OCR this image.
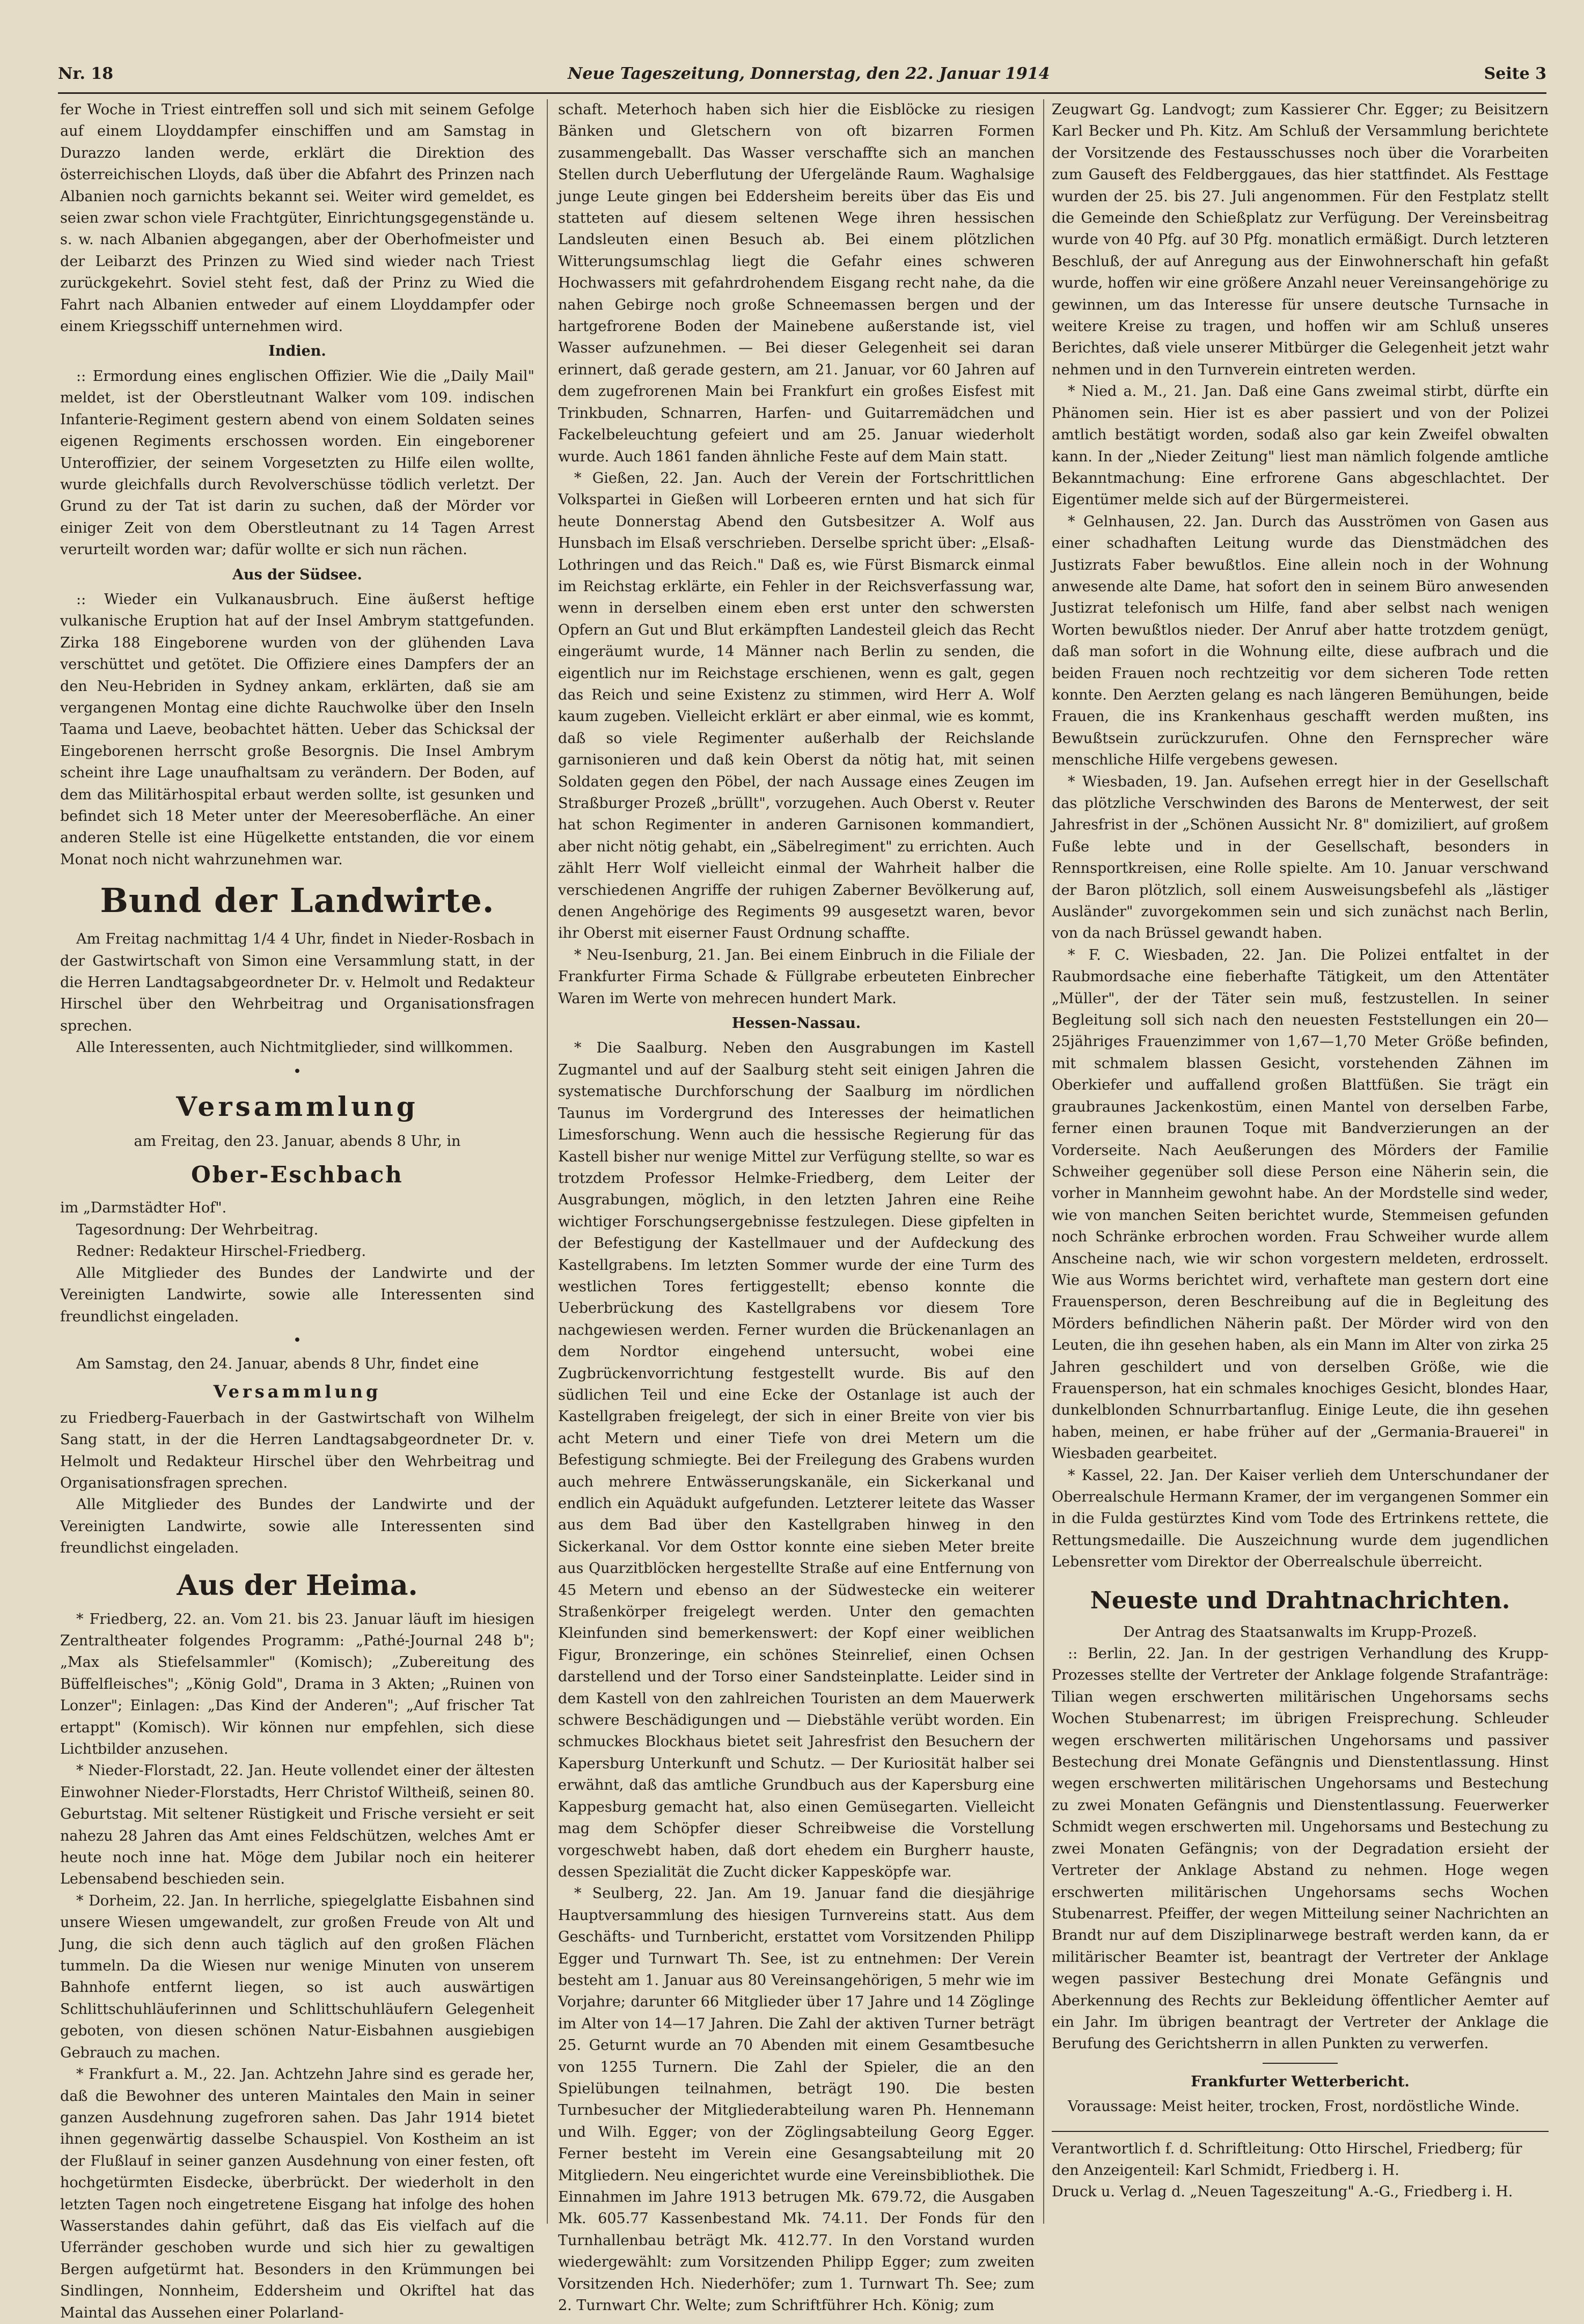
Nr. 18	Neue Tageszeitung, Donnerstag, den 22. Januar 1914	Seite 3

fer Woche in Triest eintreffen soll und sich mit seinem Gefolge auf einem Lloyddampfer einschiffen und am Samstag in Durazzo landen werde, erklärt die Direktion des österreichischen Lloyds, daß über die Abfahrt des Prinzen nach Albanien noch garnichts bekannt sei. Weiter wird gemeldet, es seien zwar schon viele Frachtgüter, Einrichtungsgegenstände u. s. w. nach Albanien abgegangen, aber der Oberhofmeister und der Leibarzt des Prinzen zu Wied sind wieder nach Triest zurückgekehrt. Soviel steht fest, daß der Prinz zu Wied die Fahrt nach Albanien entweder auf einem Lloyddampfer oder einem Kriegsschiff unternehmen wird.

Indien.

:: Ermordung eines englischen Offizier. Wie die „Daily Mail" meldet, ist der Oberstleutnant Walker vom 109. indischen Infanterie-Regiment gestern abend von einem Soldaten seines eigenen Regiments erschossen worden. Ein eingeborener Unteroffizier, der seinem Vorgesetzten zu Hilfe eilen wollte, wurde gleichfalls durch Revolverschüsse tödlich verletzt. Der Grund zu der Tat ist darin zu suchen, daß der Mörder vor einiger Zeit von dem Oberstleutnant zu 14 Tagen Arrest verurteilt worden war; dafür wollte er sich nun rächen.

Aus der Südsee.

:: Wieder ein Vulkanausbruch. Eine äußerst heftige vulkanische Eruption hat auf der Insel Ambrym stattgefunden. Zirka 188 Eingeborene wurden von der glühenden Lava verschüttet und getötet. Die Offiziere eines Dampfers der an den Neu-Hebriden in Sydney ankam, erklärten, daß sie am vergangenen Montag eine dichte Rauchwolke über den Inseln Taama und Laeve, beobachtet hätten. Ueber das Schicksal der Eingeborenen herrscht große Besorgnis. Die Insel Ambrym scheint ihre Lage unaufhaltsam zu verändern. Der Boden, auf dem das Militärhospital erbaut werden sollte, ist gesunken und befindet sich 18 Meter unter der Meeresoberfläche. An einer anderen Stelle ist eine Hügelkette entstanden, die vor einem Monat noch nicht wahrzunehmen war.

Bund der Landwirte.

Am Freitag nachmittag 1/4 4 Uhr, findet in Nieder-Rosbach in der Gastwirtschaft von Simon eine Versammlung statt, in der die Herren Landtagsabgeordneter Dr. v. Helmolt und Redakteur Hirschel über den Wehrbeitrag und Organisationsfragen sprechen.

Alle Interessenten, auch Nichtmitglieder, sind willkommen.

•

Versammlung

am Freitag, den 23. Januar, abends 8 Uhr, in

Ober-Eschbach

im „Darmstädter Hof".

Tagesordnung: Der Wehrbeitrag.

Redner: Redakteur Hirschel-Friedberg.

Alle Mitglieder des Bundes der Landwirte und der Vereinigten Landwirte, sowie alle Interessenten sind freundlichst eingeladen.

•

Am Samstag, den 24. Januar, abends 8 Uhr, findet eine

Versammlung

zu Friedberg-Fauerbach in der Gastwirtschaft von Wilhelm Sang statt, in der die Herren Landtagsabgeordneter Dr. v. Helmolt und Redakteur Hirschel über den Wehrbeitrag und Organisationsfragen sprechen.

Alle Mitglieder des Bundes der Landwirte und der Vereinigten Landwirte, sowie alle Interessenten sind freundlichst eingeladen.

Aus der Heima.

* Friedberg, 22. an. Vom 21. bis 23. Januar läuft im hiesigen Zentraltheater folgendes Programm: „Pathé-Journal 248 b"; „Max als Stiefelsammler" (Komisch); „Zubereitung des Büffelfleisches"; „König Gold", Drama in 3 Akten; „Ruinen von Lonzer"; Einlagen: „Das Kind der Anderen"; „Auf frischer Tat ertappt" (Komisch). Wir können nur empfehlen, sich diese Lichtbilder anzusehen.

* Nieder-Florstadt, 22. Jan. Heute vollendet einer der ältesten Einwohner Nieder-Florstadts, Herr Christof Wiltheiß, seinen 80. Geburtstag. Mit seltener Rüstigkeit und Frische versieht er seit nahezu 28 Jahren das Amt eines Feldschützen, welches Amt er heute noch inne hat. Möge dem Jubilar noch ein heiterer Lebensabend beschieden sein.

* Dorheim, 22. Jan. In herrliche, spiegelglatte Eisbahnen sind unsere Wiesen umgewandelt, zur großen Freude von Alt und Jung, die sich denn auch täglich auf den großen Flächen tummeln. Da die Wiesen nur wenige Minuten von unserem Bahnhofe entfernt liegen, so ist auch auswärtigen Schlittschuhläuferinnen und Schlittschuhläufern Gelegenheit geboten, von diesen schönen Natur-Eisbahnen ausgiebigen Gebrauch zu machen.

* Frankfurt a. M., 22. Jan. Achtzehn Jahre sind es gerade her, daß die Bewohner des unteren Maintales den Main in seiner ganzen Ausdehnung zugefroren sahen. Das Jahr 1914 bietet ihnen gegenwärtig dasselbe Schauspiel. Von Kostheim an ist der Flußlauf in seiner ganzen Ausdehnung von einer festen, oft hochgetürmten Eisdecke, überbrückt. Der wiederholt in den letzten Tagen noch eingetretene Eisgang hat infolge des hohen Wasserstandes dahin geführt, daß das Eis vielfach auf die Uferränder geschoben wurde und sich hier zu gewaltigen Bergen aufgetürmt hat. Besonders in den Krümmungen bei Sindlingen, Nonnheim, Eddersheim und Okriftel hat das Maintal das Aussehen einer Polarland-

schaft. Meterhoch haben sich hier die Eisblöcke zu riesigen Bänken und Gletschern von oft bizarren Formen zusammengeballt. Das Wasser verschaffte sich an manchen Stellen durch Ueberflutung der Ufergelände Raum. Waghalsige junge Leute gingen bei Eddersheim bereits über das Eis und statteten auf diesem seltenen Wege ihren hessischen Landsleuten einen Besuch ab. Bei einem plötzlichen Witterungsumschlag liegt die Gefahr eines schweren Hochwassers mit gefahrdrohendem Eisgang recht nahe, da die nahen Gebirge noch große Schneemassen bergen und der hartgefrorene Boden der Mainebene außerstande ist, viel Wasser aufzunehmen. — Bei dieser Gelegenheit sei daran erinnert, daß gerade gestern, am 21. Januar, vor 60 Jahren auf dem zugefrorenen Main bei Frankfurt ein großes Eisfest mit Trinkbuden, Schnarren, Harfen- und Guitarremädchen und Fackelbeleuchtung gefeiert und am 25. Januar wiederholt wurde. Auch 1861 fanden ähnliche Feste auf dem Main statt.

* Gießen, 22. Jan. Auch der Verein der Fortschrittlichen Volkspartei in Gießen will Lorbeeren ernten und hat sich für heute Donnerstag Abend den Gutsbesitzer A. Wolf aus Hunsbach im Elsaß verschrieben. Derselbe spricht über: „Elsaß-Lothringen und das Reich." Daß es, wie Fürst Bismarck einmal im Reichstag erklärte, ein Fehler in der Reichsverfassung war, wenn in derselben einem eben erst unter den schwersten Opfern an Gut und Blut erkämpften Landesteil gleich das Recht eingeräumt wurde, 14 Männer nach Berlin zu senden, die eigentlich nur im Reichstage erschienen, wenn es galt, gegen das Reich und seine Existenz zu stimmen, wird Herr A. Wolf kaum zugeben. Vielleicht erklärt er aber einmal, wie es kommt, daß so viele Regimenter außerhalb der Reichslande garnisonieren und daß kein Oberst da nötig hat, mit seinen Soldaten gegen den Pöbel, der nach Aussage eines Zeugen im Straßburger Prozeß „brüllt", vorzugehen. Auch Oberst v. Reuter hat schon Regimenter in anderen Garnisonen kommandiert, aber nicht nötig gehabt, ein „Säbelregiment" zu errichten. Auch zählt Herr Wolf vielleicht einmal der Wahrheit halber die verschiedenen Angriffe der ruhigen Zaberner Bevölkerung auf, denen Angehörige des Regiments 99 ausgesetzt waren, bevor ihr Oberst mit eiserner Faust Ordnung schaffte.

* Neu-Isenburg, 21. Jan. Bei einem Einbruch in die Filiale der Frankfurter Firma Schade & Füllgrabe erbeuteten Einbrecher Waren im Werte von mehrecen hundert Mark.

Hessen-Nassau.

* Die Saalburg. Neben den Ausgrabungen im Kastell Zugmantel und auf der Saalburg steht seit einigen Jahren die systematische Durchforschung der Saalburg im nördlichen Taunus im Vordergrund des Interesses der heimatlichen Limesforschung. Wenn auch die hessische Regierung für das Kastell bisher nur wenige Mittel zur Verfügung stellte, so war es trotzdem Professor Helmke-Friedberg, dem Leiter der Ausgrabungen, möglich, in den letzten Jahren eine Reihe wichtiger Forschungsergebnisse festzulegen. Diese gipfelten in der Befestigung der Kastellmauer und der Aufdeckung des Kastellgrabens. Im letzten Sommer wurde der eine Turm des westlichen Tores fertiggestellt; ebenso konnte die Ueberbrückung des Kastellgrabens vor diesem Tore nachgewiesen werden. Ferner wurden die Brückenanlagen an dem Nordtor eingehend untersucht, wobei eine Zugbrückenvorrichtung festgestellt wurde. Bis auf den südlichen Teil und eine Ecke der Ostanlage ist auch der Kastellgraben freigelegt, der sich in einer Breite von vier bis acht Metern und einer Tiefe von drei Metern um die Befestigung schmiegte. Bei der Freilegung des Grabens wurden auch mehrere Entwässerungskanäle, ein Sickerkanal und endlich ein Aquädukt aufgefunden. Letzterer leitete das Wasser aus dem Bad über den Kastellgraben hinweg in den Sickerkanal. Vor dem Osttor konnte eine sieben Meter breite aus Quarzitblöcken hergestellte Straße auf eine Entfernung von 45 Metern und ebenso an der Südwestecke ein weiterer Straßenkörper freigelegt werden. Unter den gemachten Kleinfunden sind bemerkenswert: der Kopf einer weiblichen Figur, Bronzeringe, ein schönes Steinrelief, einen Ochsen darstellend und der Torso einer Sandsteinplatte. Leider sind in dem Kastell von den zahlreichen Touristen an dem Mauerwerk schwere Beschädigungen und — Diebstähle verübt worden. Ein schmuckes Blockhaus bietet seit Jahresfrist den Besuchern der Kapersburg Unterkunft und Schutz. — Der Kuriosität halber sei erwähnt, daß das amtliche Grundbuch aus der Kapersburg eine Kappesburg gemacht hat, also einen Gemüsegarten. Vielleicht mag dem Schöpfer dieser Schreibweise die Vorstellung vorgeschwebt haben, daß dort ehedem ein Burgherr hauste, dessen Spezialität die Zucht dicker Kappesköpfe war.

* Seulberg, 22. Jan. Am 19. Januar fand die diesjährige Hauptversammlung des hiesigen Turnvereins statt. Aus dem Geschäfts- und Turnbericht, erstattet vom Vorsitzenden Philipp Egger und Turnwart Th. See, ist zu entnehmen: Der Verein besteht am 1. Januar aus 80 Vereinsangehörigen, 5 mehr wie im Vorjahre; darunter 66 Mitglieder über 17 Jahre und 14 Zöglinge im Alter von 14—17 Jahren. Die Zahl der aktiven Turner beträgt 25. Geturnt wurde an 70 Abenden mit einem Gesamtbesuche von 1255 Turnern. Die Zahl der Spieler, die an den Spielübungen teilnahmen, beträgt 190. Die besten Turnbesucher der Mitgliederabteilung waren Ph. Hennemann und Wilh. Egger; von der Zöglingsabteilung Georg Egger. Ferner besteht im Verein eine Gesangsabteilung mit 20 Mitgliedern. Neu eingerichtet wurde eine Vereinsbibliothek. Die Einnahmen im Jahre 1913 betrugen Mk. 679.72, die Ausgaben Mk. 605.77 Kassenbestand Mk. 74.11. Der Fonds für den Turnhallenbau beträgt Mk. 412.77. In den Vorstand wurden wiedergewählt: zum Vorsitzenden Philipp Egger; zum zweiten Vorsitzenden Hch. Niederhöfer; zum 1. Turnwart Th. See; zum 2. Turnwart Chr. Welte; zum Schriftführer Hch. König; zum

Zeugwart Gg. Landvogt; zum Kassierer Chr. Egger; zu Beisitzern Karl Becker und Ph. Kitz. Am Schluß der Versammlung berichtete der Vorsitzende des Festausschusses noch über die Vorarbeiten zum Gauseft des Feldberggaues, das hier stattfindet. Als Festtage wurden der 25. bis 27. Juli angenommen. Für den Festplatz stellt die Gemeinde den Schießplatz zur Verfügung. Der Vereinsbeitrag wurde von 40 Pfg. auf 30 Pfg. monatlich ermäßigt. Durch letzteren Beschluß, der auf Anregung aus der Einwohnerschaft hin gefaßt wurde, hoffen wir eine größere Anzahl neuer Vereinsangehörige zu gewinnen, um das Interesse für unsere deutsche Turnsache in weitere Kreise zu tragen, und hoffen wir am Schluß unseres Berichtes, daß viele unserer Mitbürger die Gelegenheit jetzt wahr nehmen und in den Turnverein eintreten werden.

* Nied a. M., 21. Jan. Daß eine Gans zweimal stirbt, dürfte ein Phänomen sein. Hier ist es aber passiert und von der Polizei amtlich bestätigt worden, sodaß also gar kein Zweifel obwalten kann. In der „Nieder Zeitung" liest man nämlich folgende amtliche Bekanntmachung: Eine erfrorene Gans abgeschlachtet. Der Eigentümer melde sich auf der Bürgermeisterei.

* Gelnhausen, 22. Jan. Durch das Ausströmen von Gasen aus einer schadhaften Leitung wurde das Dienstmädchen des Justizrats Faber bewußtlos. Eine allein noch in der Wohnung anwesende alte Dame, hat sofort den in seinem Büro anwesenden Justizrat telefonisch um Hilfe, fand aber selbst nach wenigen Worten bewußtlos nieder. Der Anruf aber hatte trotzdem genügt, daß man sofort in die Wohnung eilte, diese aufbrach und die beiden Frauen noch rechtzeitig vor dem sicheren Tode retten konnte. Den Aerzten gelang es nach längeren Bemühungen, beide Frauen, die ins Krankenhaus geschafft werden mußten, ins Bewußtsein zurückzurufen. Ohne den Fernsprecher wäre menschliche Hilfe vergebens gewesen.

* Wiesbaden, 19. Jan. Aufsehen erregt hier in der Gesellschaft das plötzliche Verschwinden des Barons de Menterwest, der seit Jahresfrist in der „Schönen Aussicht Nr. 8" domiziliert, auf großem Fuße lebte und in der Gesellschaft, besonders in Rennsportkreisen, eine Rolle spielte. Am 10. Januar verschwand der Baron plötzlich, soll einem Ausweisungsbefehl als „lästiger Ausländer" zuvorgekommen sein und sich zunächst nach Berlin, von da nach Brüssel gewandt haben.

* F. C. Wiesbaden, 22. Jan. Die Polizei entfaltet in der Raubmordsache eine fieberhafte Tätigkeit, um den Attentäter „Müller", der der Täter sein muß, festzustellen. In seiner Begleitung soll sich nach den neuesten Feststellungen ein 20—25jähriges Frauenzimmer von 1,67—1,70 Meter Größe befinden, mit schmalem blassen Gesicht, vorstehenden Zähnen im Oberkiefer und auffallend großen Blattfüßen. Sie trägt ein graubraunes Jackenkostüm, einen Mantel von derselben Farbe, ferner einen braunen Toque mit Bandverzierungen an der Vorderseite. Nach Aeußerungen des Mörders der Familie Schweiher gegenüber soll diese Person eine Näherin sein, die vorher in Mannheim gewohnt habe. An der Mordstelle sind weder, wie von manchen Seiten berichtet wurde, Stemmeisen gefunden noch Schränke erbrochen worden. Frau Schweiher wurde allem Anscheine nach, wie wir schon vorgestern meldeten, erdrosselt. Wie aus Worms berichtet wird, verhaftete man gestern dort eine Frauensperson, deren Beschreibung auf die in Begleitung des Mörders befindlichen Näherin paßt. Der Mörder wird von den Leuten, die ihn gesehen haben, als ein Mann im Alter von zirka 25 Jahren geschildert und von derselben Größe, wie die Frauensperson, hat ein schmales knochiges Gesicht, blondes Haar, dunkelblonden Schnurrbartanflug. Einige Leute, die ihn gesehen haben, meinen, er habe früher auf der „Germania-Brauerei" in Wiesbaden gearbeitet.

* Kassel, 22. Jan. Der Kaiser verlieh dem Unterschundaner der Oberrealschule Hermann Kramer, der im vergangenen Sommer ein in die Fulda gestürztes Kind vom Tode des Ertrinkens rettete, die Rettungsmedaille. Die Auszeichnung wurde dem jugendlichen Lebensretter vom Direktor der Oberrealschule überreicht.

Neueste und Drahtnachrichten.

Der Antrag des Staatsanwalts im Krupp-Prozeß.

:: Berlin, 22. Jan. In der gestrigen Verhandlung des Krupp-Prozesses stellte der Vertreter der Anklage folgende Strafanträge: Tilian wegen erschwerten militärischen Ungehorsams sechs Wochen Stubenarrest; im übrigen Freisprechung. Schleuder wegen erschwerten militärischen Ungehorsams und passiver Bestechung drei Monate Gefängnis und Dienstentlassung. Hinst wegen erschwerten militärischen Ungehorsams und Bestechung zu zwei Monaten Gefängnis und Dienstentlassung. Feuerwerker Schmidt wegen erschwerten mil. Ungehorsams und Bestechung zu zwei Monaten Gefängnis; von der Degradation ersieht der Vertreter der Anklage Abstand zu nehmen. Hoge wegen erschwerten militärischen Ungehorsams sechs Wochen Stubenarrest. Pfeiffer, der wegen Mitteilung seiner Nachrichten an Brandt nur auf dem Disziplinarwege bestraft werden kann, da er militärischer Beamter ist, beantragt der Vertreter der Anklage wegen passiver Bestechung drei Monate Gefängnis und Aberkennung des Rechts zur Bekleidung öffentlicher Aemter auf ein Jahr. Im übrigen beantragt der Vertreter der Anklage die Berufung des Gerichtsherrn in allen Punkten zu verwerfen.

Frankfurter Wetterbericht.

Voraussage: Meist heiter, trocken, Frost, nordöstliche Winde.

Verantwortlich f. d. Schriftleitung: Otto Hirschel, Friedberg; für den Anzeigenteil: Karl Schmidt, Friedberg i. H.

Druck u. Verlag d. „Neuen Tageszeitung" A.-G., Friedberg i. H.
